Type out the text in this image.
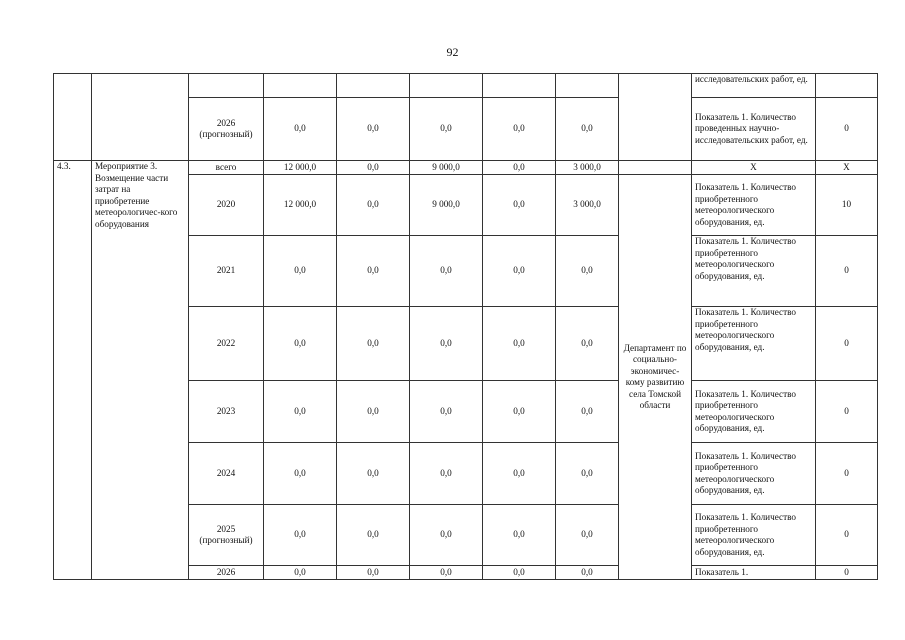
92
									исследовательских работ, ед.	
		2026 (прогнозный)	0,0	0,0	0,0	0,0	0,0		Показатель 1. Количество проведенных научно-исследовательских работ, ед.	0
4.3.	Мероприятие 3. Возмещение части затрат на приобретение метеорологичес-кого оборудования	всего	12 000,0	0,0	9 000,0	0,0	3 000,0		Х	Х
		2020	12 000,0	0,0	9 000,0	0,0	3 000,0	Департамент по социально-экономичес-кому развитию села Томской области	Показатель 1. Количество приобретенного метеорологического оборудования, ед.	10
		2021	0,0	0,0	0,0	0,0	0,0		Показатель 1. Количество приобретенного метеорологического оборудования, ед.	0
		2022	0,0	0,0	0,0	0,0	0,0		Показатель 1. Количество приобретенного метеорологического оборудования, ед.	0
		2023	0,0	0,0	0,0	0,0	0,0		Показатель 1. Количество приобретенного метеорологического оборудования, ед.	0
		2024	0,0	0,0	0,0	0,0	0,0		Показатель 1. Количество приобретенного метеорологического оборудования, ед.	0
		2025 (прогнозный)	0,0	0,0	0,0	0,0	0,0		Показатель 1. Количество приобретенного метеорологического оборудования, ед.	0
		2026	0,0	0,0	0,0	0,0	0,0		Показатель 1.	0
